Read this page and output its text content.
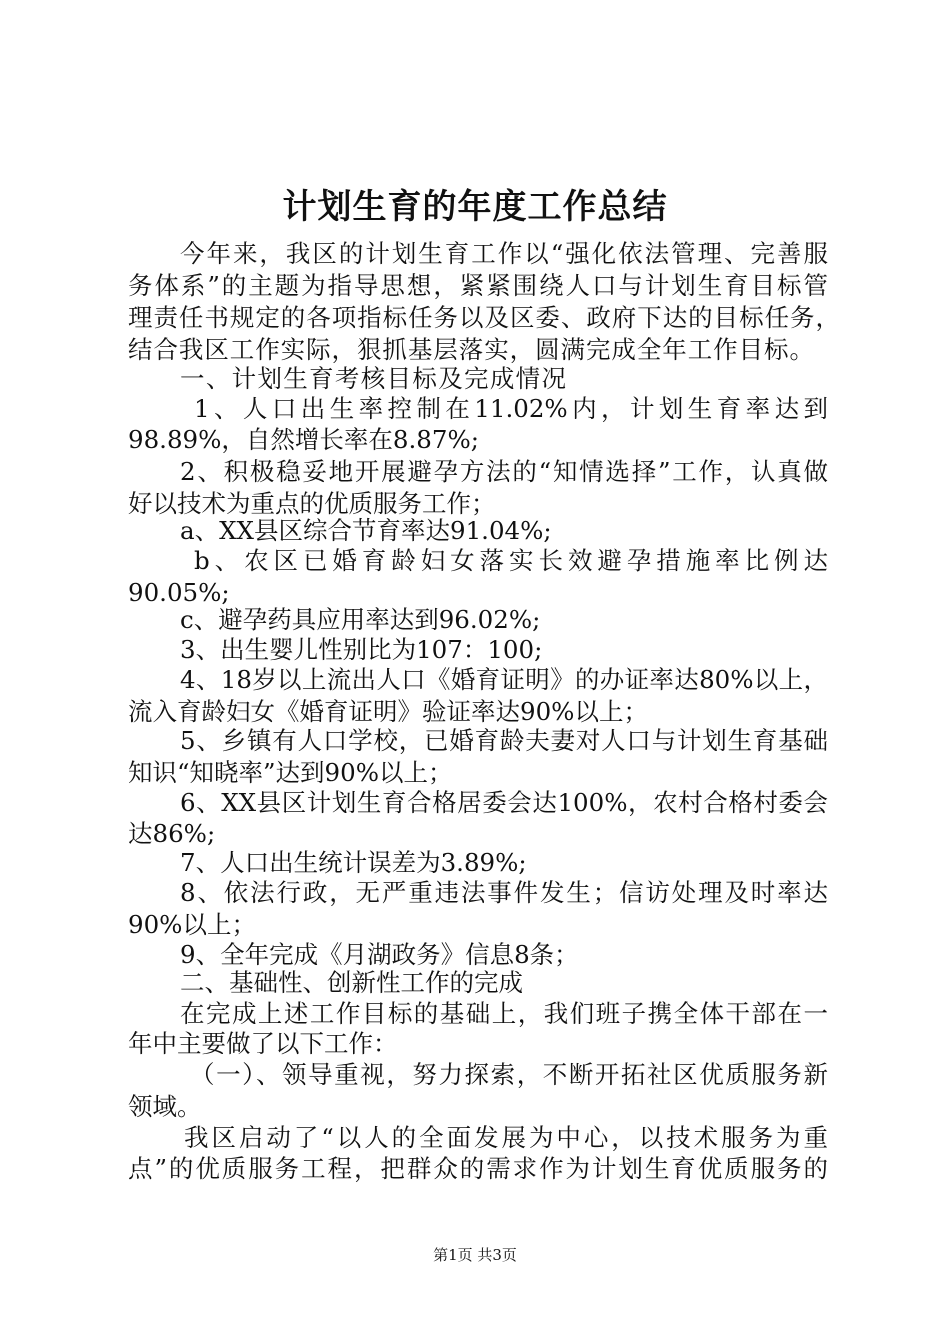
计划生育的年度工作总结
今年来，我区的计划生育工作以“强化依法管理、完善服
务体系”的主题为指导思想，紧紧围绕人口与计划生育目标管
理责任书规定的各项指标任务以及区委、政府下达的目标任务，
结合我区工作实际，狠抓基层落实，圆满完成全年工作目标。
一、计划生育考核目标及完成情况
1、人口出生率控制在11.02%内，计划生育率达到
98.89%，自然增长率在8.87%;
2、积极稳妥地开展避孕方法的“知情选择”工作，认真做
好以技术为重点的优质服务工作；
a、XX县区综合节育率达91.04%;
b、农区已婚育龄妇女落实长效避孕措施率比例达
90.05%;
c、避孕药具应用率达到96.02%;
3、出生婴儿性别比为107：100;
4、18岁以上流出人口《婚育证明》的办证率达80%以上，
流入育龄妇女《婚育证明》验证率达90%以上；
5、乡镇有人口学校，已婚育龄夫妻对人口与计划生育基础
知识“知晓率”达到90%以上；
6、XX县区计划生育合格居委会达100%，农村合格村委会
达86%;
7、人口出生统计误差为3.89%;
8、依法行政，无严重违法事件发生；信访处理及时率达
90%以上；
9、全年完成《月湖政务》信息8条；
二、基础性、创新性工作的完成
在完成上述工作目标的基础上，我们班子携全体干部在一
年中主要做了以下工作：
（一）、领导重视，努力探索，不断开拓社区优质服务新
领域。
我区启动了“以人的全面发展为中心，以技术服务为重
点”的优质服务工程，把群众的需求作为计划生育优质服务的
第1页 共3页
